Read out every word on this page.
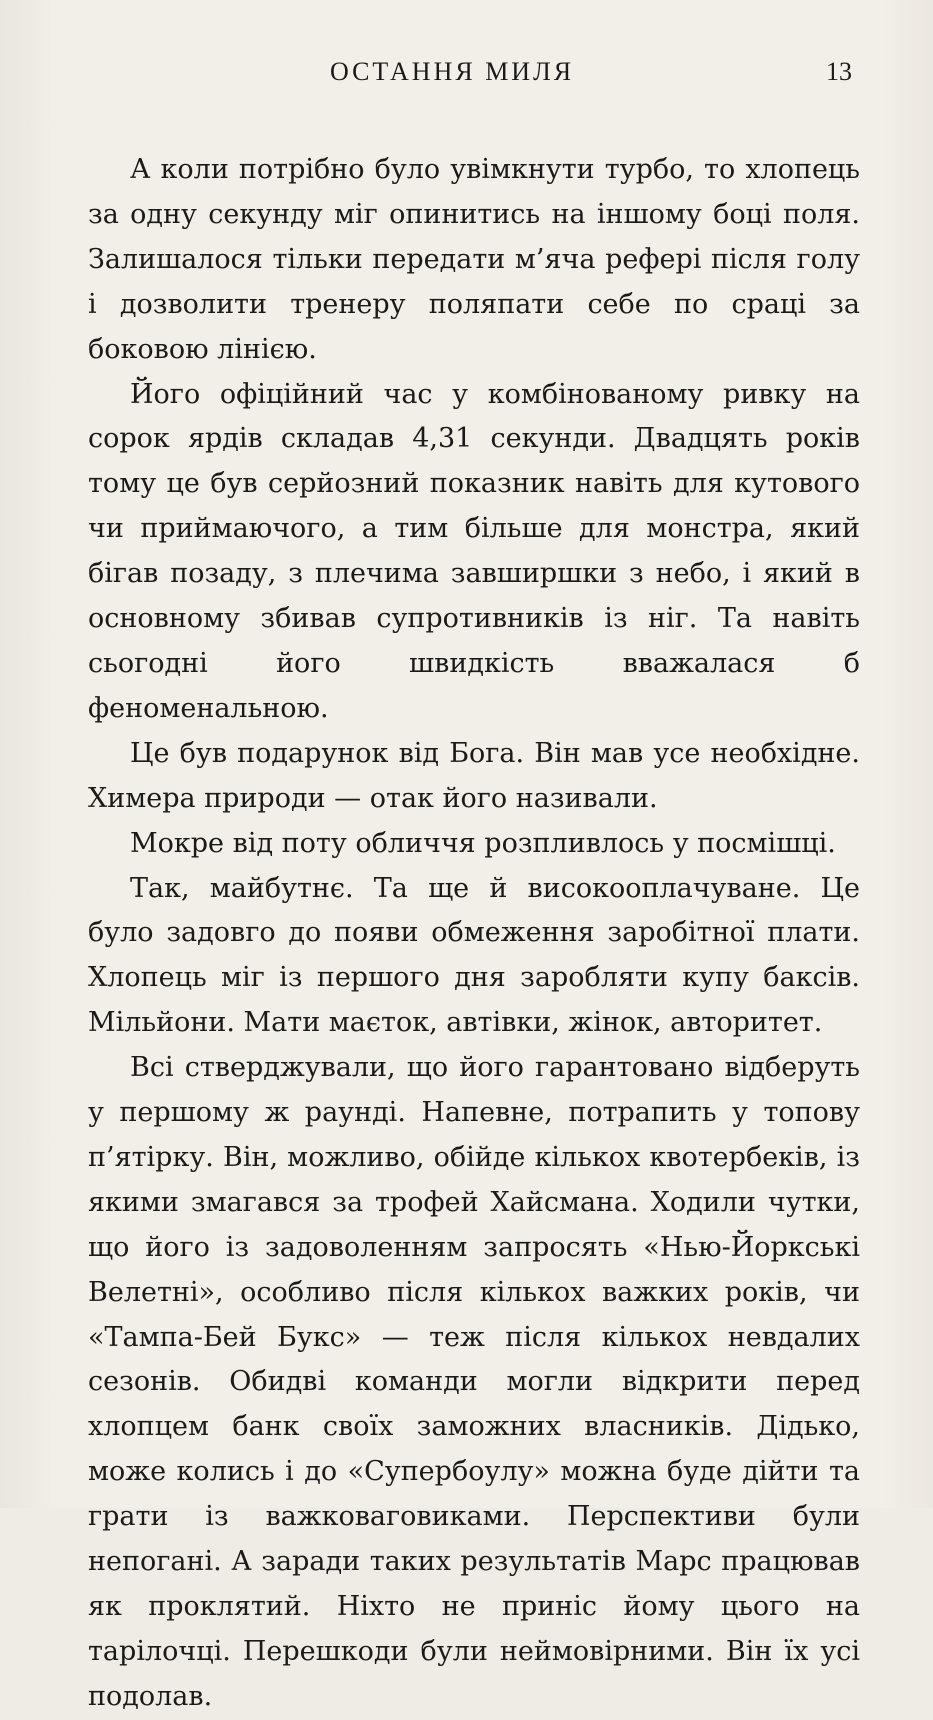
ОСТАННЯ МИЛЯ	13

А коли потрібно було увімкнути турбо, то хлопець за одну секунду міг опинитись на іншому боці поля. Залишалося тільки передати м’яча рефері після голу і дозволити тренеру поляпати себе по сраці за боковою лінією.

Його офіційний час у комбінованому ривку на сорок ярдів складав 4,31 секунди. Двадцять років тому це був серйозний показник навіть для кутового чи приймаючого, а тим більше для монстра, який бігав позаду, з плечима завширшки з небо, і який в основному збивав супротивників із ніг. Та навіть сьогодні його швидкість вважалася б феноменальною.

Це був подарунок від Бога. Він мав усе необхідне. Химера природи — отак його називали.

Мокре від поту обличчя розпливлось у посмішці.

Так, майбутнє. Та ще й високооплачуване. Це було задовго до появи обмеження заробітної плати. Хлопець міг із першого дня заробляти купу баксів. Мільйони. Мати маєток, автівки, жінок, авторитет.

Всі стверджували, що його гарантовано відберуть у першому ж раунді. Напевне, потрапить у топову п’ятірку. Він, можливо, обійде кількох квотербеків, із якими змагався за трофей Хайсмана. Ходили чутки, що його із задоволенням запросять «Нью-Йоркські Велетні», особливо після кількох важких років, чи «Тампа-Бей Букс» — теж після кількох невдалих сезонів. Обидві команди могли відкрити перед хлопцем банк своїх заможних власників. Дідько, може колись і до «Супербоулу» можна буде дійти та грати із важковаговиками. Перспективи були непогані. А заради таких результатів Марс працював як проклятий. Ніхто не приніс йому цього на тарілочці. Перешкоди були неймовірними. Він їх усі подолав.
